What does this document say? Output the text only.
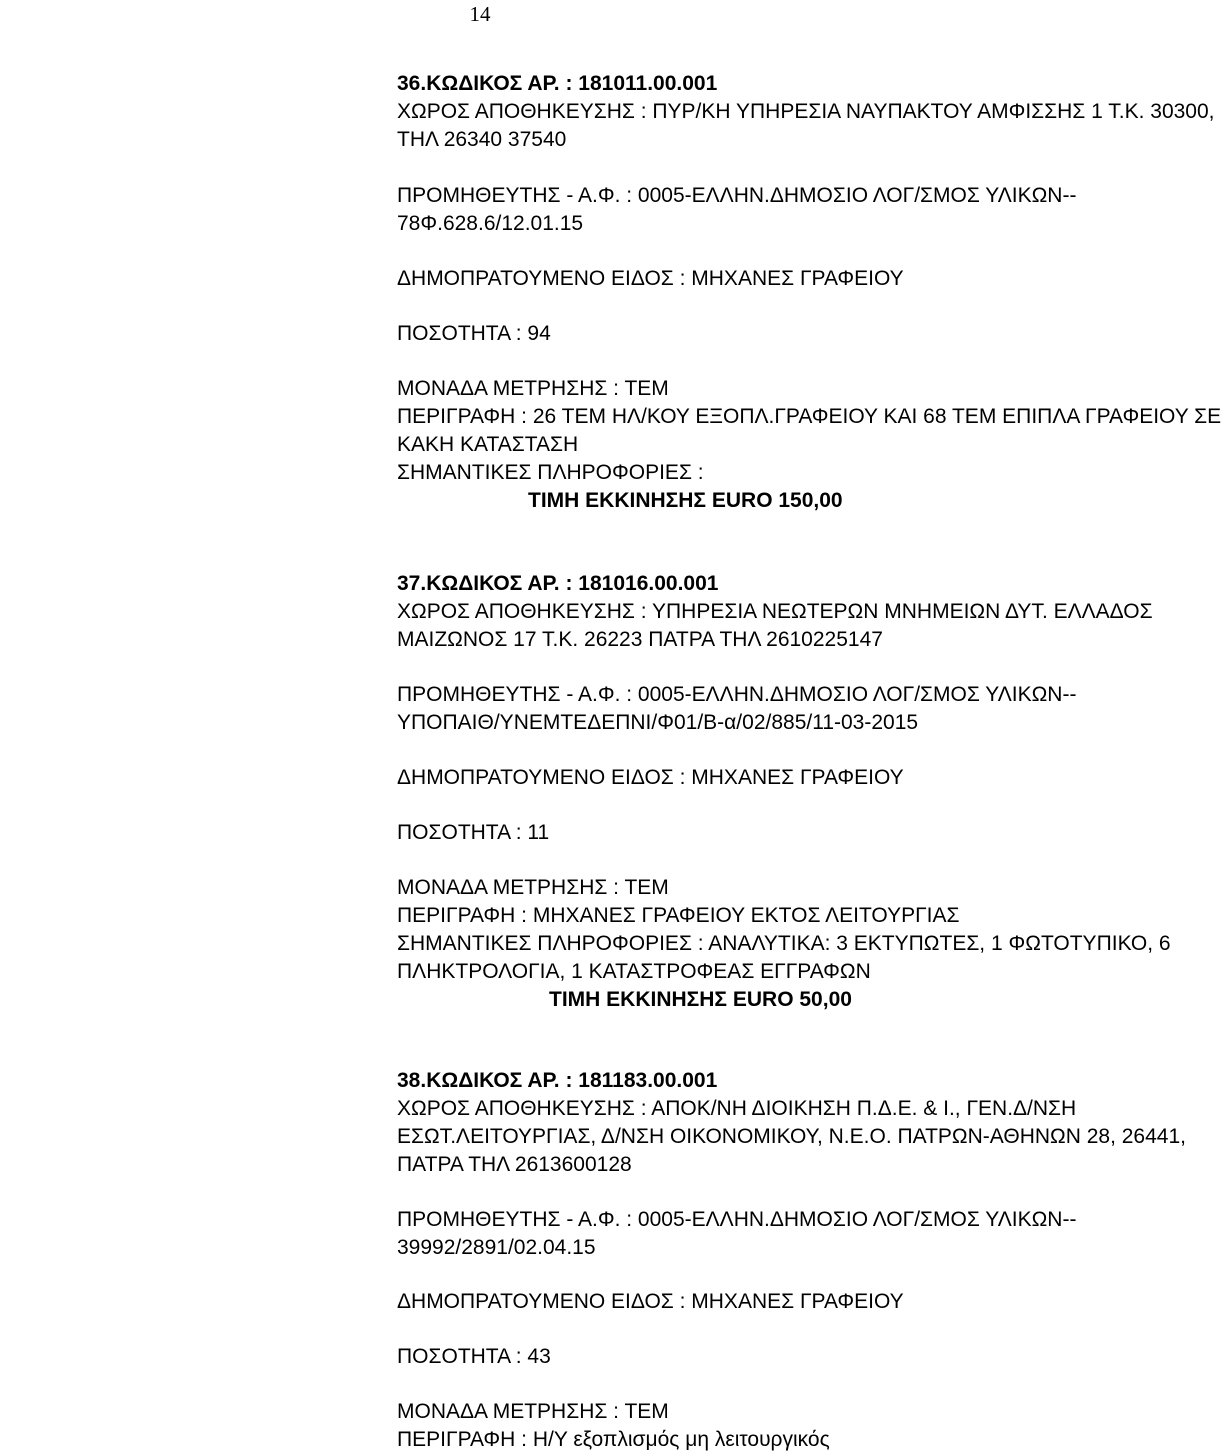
14
36.ΚΩΔΙΚΟΣ ΑΡ. : 181011.00.001
ΧΩΡΟΣ ΑΠΟΘΗΚΕΥΣΗΣ : ΠΥΡ/ΚΗ ΥΠΗΡΕΣΙΑ ΝΑΥΠΑΚΤΟΥ ΑΜΦΙΣΣΗΣ 1 Τ.Κ. 30300,
ΤΗΛ 26340 37540
ΠΡΟΜΗΘΕΥΤΗΣ - Α.Φ. : 0005-ΕΛΛΗΝ.ΔΗΜΟΣΙΟ ΛΟΓ/ΣΜΟΣ ΥΛΙΚΩΝ--
78Φ.628.6/12.01.15
ΔΗΜΟΠΡΑΤΟΥΜΕΝΟ ΕΙΔΟΣ : ΜΗΧΑΝΕΣ ΓΡΑΦΕΙΟΥ
ΠΟΣΟΤΗΤΑ : 94
ΜΟΝΑΔΑ ΜΕΤΡΗΣΗΣ : ΤΕΜ
ΠΕΡΙΓΡΑΦΗ : 26 ΤΕΜ ΗΛ/ΚΟΥ ΕΞΟΠΛ.ΓΡΑΦΕΙΟΥ ΚΑΙ 68 ΤΕΜ ΕΠΙΠΛΑ ΓΡΑΦΕΙΟΥ ΣΕ
ΚΑΚΗ ΚΑΤΑΣΤΑΣΗ
ΣΗΜΑΝΤΙΚΕΣ ΠΛΗΡΟΦΟΡΙΕΣ :
ΤΙΜΗ ΕΚΚΙΝΗΣΗΣ EURO 150,00
37.ΚΩΔΙΚΟΣ ΑΡ. : 181016.00.001
ΧΩΡΟΣ ΑΠΟΘΗΚΕΥΣΗΣ : ΥΠΗΡΕΣΙΑ ΝΕΩΤΕΡΩΝ ΜΝΗΜΕΙΩΝ ΔΥΤ. ΕΛΛΑΔΟΣ
ΜΑΙΖΩΝΟΣ 17 Τ.Κ. 26223 ΠΑΤΡΑ ΤΗΛ 2610225147
ΠΡΟΜΗΘΕΥΤΗΣ - Α.Φ. : 0005-ΕΛΛΗΝ.ΔΗΜΟΣΙΟ ΛΟΓ/ΣΜΟΣ ΥΛΙΚΩΝ--
ΥΠΟΠΑΙΘ/ΥΝΕΜΤΕΔΕΠΝΙ/Φ01/Β-α/02/885/11-03-2015
ΔΗΜΟΠΡΑΤΟΥΜΕΝΟ ΕΙΔΟΣ : ΜΗΧΑΝΕΣ ΓΡΑΦΕΙΟΥ
ΠΟΣΟΤΗΤΑ : 11
ΜΟΝΑΔΑ ΜΕΤΡΗΣΗΣ : ΤΕΜ
ΠΕΡΙΓΡΑΦΗ : ΜΗΧΑΝΕΣ ΓΡΑΦΕΙΟΥ ΕΚΤΟΣ ΛΕΙΤΟΥΡΓΙΑΣ
ΣΗΜΑΝΤΙΚΕΣ ΠΛΗΡΟΦΟΡΙΕΣ : ΑΝΑΛΥΤΙΚΑ: 3 ΕΚΤΥΠΩΤΕΣ, 1 ΦΩΤΟΤΥΠΙΚΟ, 6
ΠΛΗΚΤΡΟΛΟΓΙΑ, 1 ΚΑΤΑΣΤΡΟΦΕΑΣ ΕΓΓΡΑΦΩΝ
ΤΙΜΗ ΕΚΚΙΝΗΣΗΣ EURO 50,00
38.ΚΩΔΙΚΟΣ ΑΡ. : 181183.00.001
ΧΩΡΟΣ ΑΠΟΘΗΚΕΥΣΗΣ : ΑΠΟΚ/ΝΗ ΔΙΟΙΚΗΣΗ Π.Δ.Ε. & Ι., ΓΕΝ.Δ/ΝΣΗ
ΕΣΩΤ.ΛΕΙΤΟΥΡΓΙΑΣ, Δ/ΝΣΗ ΟΙΚΟΝΟΜΙΚΟΥ, Ν.Ε.Ο. ΠΑΤΡΩΝ-ΑΘΗΝΩΝ 28, 26441,
ΠΑΤΡΑ ΤΗΛ 2613600128
ΠΡΟΜΗΘΕΥΤΗΣ - Α.Φ. : 0005-ΕΛΛΗΝ.ΔΗΜΟΣΙΟ ΛΟΓ/ΣΜΟΣ ΥΛΙΚΩΝ--
39992/2891/02.04.15
ΔΗΜΟΠΡΑΤΟΥΜΕΝΟ ΕΙΔΟΣ : ΜΗΧΑΝΕΣ ΓΡΑΦΕΙΟΥ
ΠΟΣΟΤΗΤΑ : 43
ΜΟΝΑΔΑ ΜΕΤΡΗΣΗΣ : ΤΕΜ
ΠΕΡΙΓΡΑΦΗ : Η/Υ εξοπλισμός μη λειτουργικός
